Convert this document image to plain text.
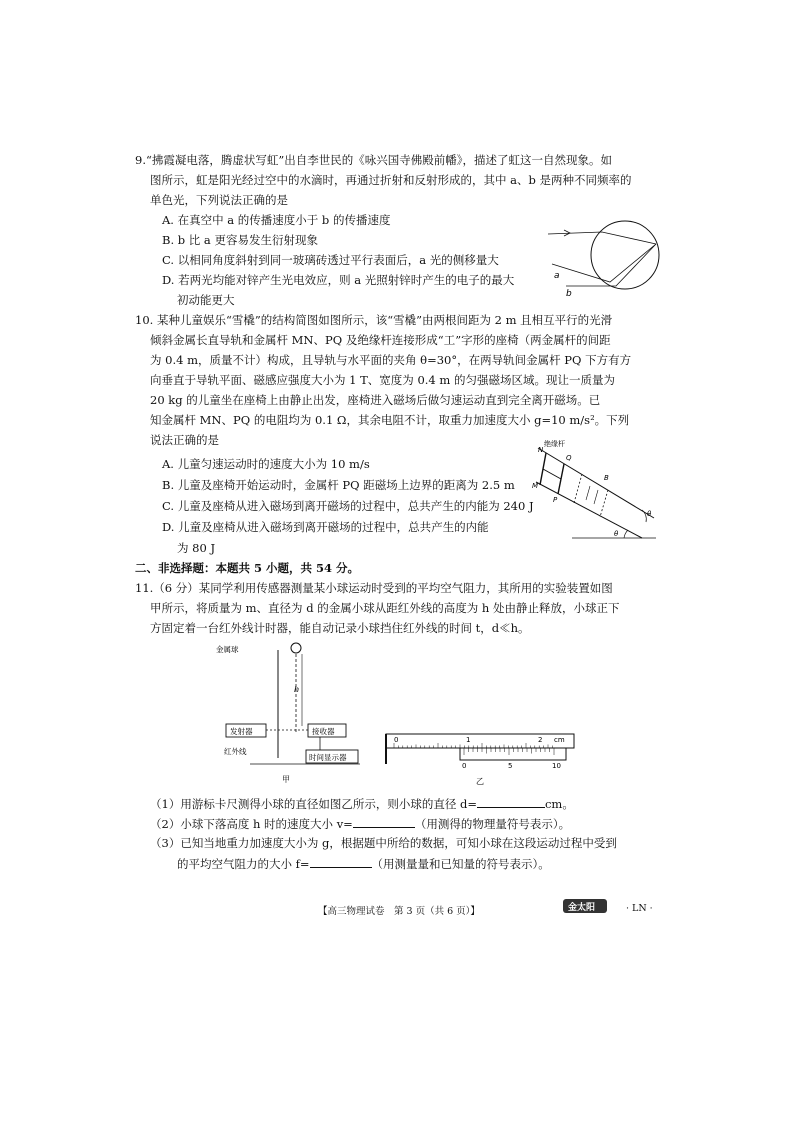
9.“拂霞凝电落，腾虚状写虹”出自李世民的《咏兴国寺佛殿前幡》，描述了虹这一自然现象。如
图所示，虹是阳光经过空中的水滴时，再通过折射和反射形成的，其中 a、b 是两种不同频率的
单色光，下列说法正确的是
A. 在真空中 a 的传播速度小于 b 的传播速度
B. b 比 a 更容易发生衍射现象
C. 以相同角度斜射到同一玻璃砖透过平行表面后，a 光的侧移量大
D. 若两光均能对锌产生光电效应，则 a 光照射锌时产生的电子的最大
初动能更大
a
b
10. 某种儿童娱乐“雪橇”的结构简图如图所示，该“雪橇”由两根间距为 2 m 且相互平行的光滑
倾斜金属长直导轨和金属杆 MN、PQ 及绝缘杆连接形成“工”字形的座椅（两金属杆的间距
为 0.4 m，质量不计）构成，且导轨与水平面的夹角 θ=30°，在两导轨间金属杆 PQ 下方有方
向垂直于导轨平面、磁感应强度大小为 1 T、宽度为 0.4 m 的匀强磁场区域。现让一质量为
20 kg 的儿童坐在座椅上由静止出发，座椅进入磁场后做匀速运动直到完全离开磁场。已
知金属杆 MN、PQ 的电阻均为 0.1 Ω，其余电阻不计，取重力加速度大小 g=10 m/s²。下列
说法正确的是
A. 儿童匀速运动时的速度大小为 10 m/s
B. 儿童及座椅开始运动时，金属杆 PQ 距磁场上边界的距离为 2.5 m
C. 儿童及座椅从进入磁场到离开磁场的过程中，总共产生的内能为 240 J
D. 儿童及座椅从进入磁场到离开磁场的过程中，总共产生的内能
为 80 J
绝缘杆
N
Q
M
P
B
θ
θ
二、非选择题：本题共 5 小题，共 54 分。
11.（6 分）某同学利用传感器测量某小球运动时受到的平均空气阻力，其所用的实验装置如图
甲所示，将质量为 m、直径为 d 的金属小球从距红外线的高度为 h 处由静止释放，小球正下
方固定着一台红外线计时器，能自动记录小球挡住红外线的时间 t，d≪h。
金属球
h
发射器	接收器
红外线
时间显示器
甲
0	1	2 cm
0	5	10
乙
（1）用游标卡尺测得小球的直径如图乙所示，则小球的直径 d=	cm。
（2）小球下落高度 h 时的速度大小 v=	（用测得的物理量符号表示）。
（3）已知当地重力加速度大小为 g，根据题中所给的数据，可知小球在这段运动过程中受到
的平均空气阻力的大小 f=	（用测量量和已知量的符号表示）。
【高三物理试卷　第 3 页（共 6 页）】	金太阳	· LN ·
